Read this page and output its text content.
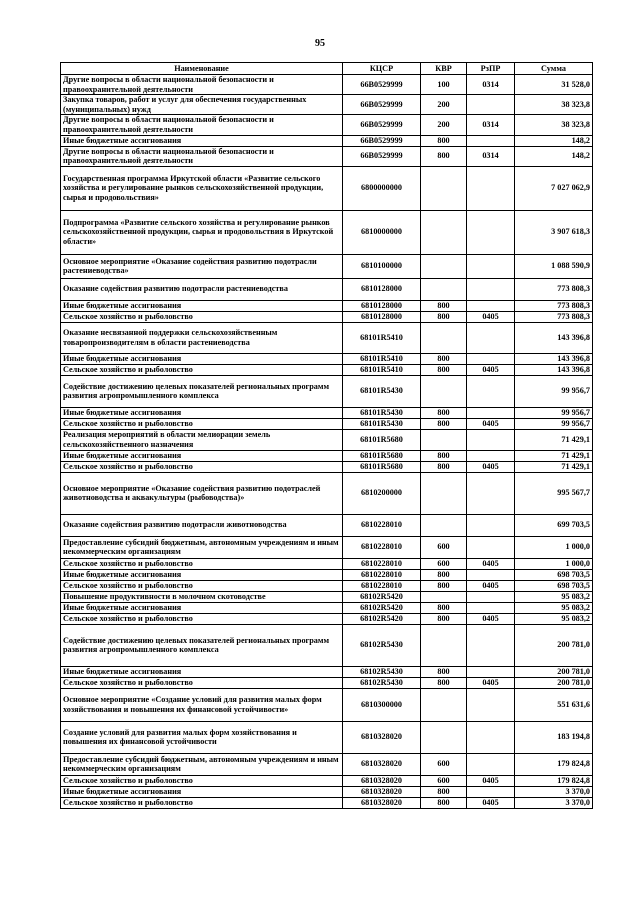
95
Наименование	КЦСР	КВР	РзПР	Сумма
Другие вопросы в области национальной безопасности и правоохранительной деятельности	66В0529999	100	0314	31 528,0
Закупка товаров, работ и услуг для обеспечения государственных (муниципальных) нужд	66В0529999	200		38 323,8
Другие вопросы в области национальной безопасности и правоохранительной деятельности	66В0529999	200	0314	38 323,8
Иные бюджетные ассигнования	66В0529999	800		148,2
Другие вопросы в области национальной безопасности и правоохранительной деятельности	66В0529999	800	0314	148,2
Государственная программа Иркутской области «Развитие сельского хозяйства и регулирование рынков сельскохозяйственной продукции, сырья и продовольствия»	6800000000			7 027 062,9
Подпрограмма «Развитие сельского хозяйства и регулирование рынков сельскохозяйственной продукции, сырья и продовольствия в Иркутской области»	6810000000			3 907 618,3
Основное мероприятие «Оказание содействия развитию подотрасли растениеводства»	6810100000			1 088 590,9
Оказание содействия развитию подотрасли растениеводства	6810128000			773 808,3
Иные бюджетные ассигнования	6810128000	800		773 808,3
Сельское хозяйство и рыболовство	6810128000	800	0405	773 808,3
Оказание несвязанной поддержки сельскохозяйственным товаропроизводителям в области растениеводства	68101R5410			143 396,8
Иные бюджетные ассигнования	68101R5410	800		143 396,8
Сельское хозяйство и рыболовство	68101R5410	800	0405	143 396,8
Содействие достижению целевых показателей региональных программ развития агропромышленного комплекса	68101R5430			99 956,7
Иные бюджетные ассигнования	68101R5430	800		99 956,7
Сельское хозяйство и рыболовство	68101R5430	800	0405	99 956,7
Реализация мероприятий в области мелиорации земель сельскохозяйственного назначения	68101R5680			71 429,1
Иные бюджетные ассигнования	68101R5680	800		71 429,1
Сельское хозяйство и рыболовство	68101R5680	800	0405	71 429,1
Основное мероприятие «Оказание содействия развитию подотраслей животноводства и аквакультуры (рыбоводства)»	6810200000			995 567,7
Оказание содействия развитию подотрасли животноводства	6810228010			699 703,5
Предоставление субсидий бюджетным, автономным учреждениям и иным некоммерческим организациям	6810228010	600		1 000,0
Сельское хозяйство и рыболовство	6810228010	600	0405	1 000,0
Иные бюджетные ассигнования	6810228010	800		698 703,5
Сельское хозяйство и рыболовство	6810228010	800	0405	698 703,5
Повышение продуктивности в молочном скотоводстве	68102R5420			95 083,2
Иные бюджетные ассигнования	68102R5420	800		95 083,2
Сельское хозяйство и рыболовство	68102R5420	800	0405	95 083,2
Содействие достижению целевых показателей региональных программ развития агропромышленного комплекса	68102R5430			200 781,0
Иные бюджетные ассигнования	68102R5430	800		200 781,0
Сельское хозяйство и рыболовство	68102R5430	800	0405	200 781,0
Основное мероприятие «Создание условий для развития малых форм хозяйствования и повышения их финансовой устойчивости»	6810300000			551 631,6
Создание условий для развития малых форм хозяйствования и повышения их финансовой устойчивости	6810328020			183 194,8
Предоставление субсидий бюджетным, автономным учреждениям и иным некоммерческим организациям	6810328020	600		179 824,8
Сельское хозяйство и рыболовство	6810328020	600	0405	179 824,8
Иные бюджетные ассигнования	6810328020	800		3 370,0
Сельское хозяйство и рыболовство	6810328020	800	0405	3 370,0
